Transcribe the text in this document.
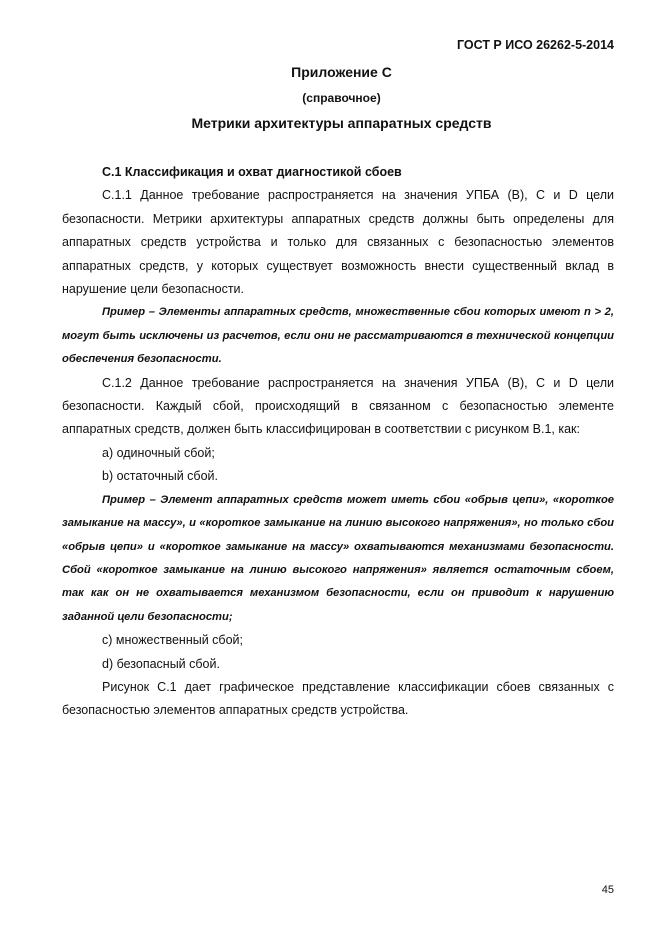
ГОСТ Р ИСО 26262-5-2014
Приложение С
(справочное)
Метрики архитектуры аппаратных средств
С.1 Классификация и охват диагностикой сбоев

С.1.1 Данное требование распространяется на значения УПБА (В), С и D цели безопасности. Метрики архитектуры аппаратных средств должны быть определены для аппаратных средств устройства и только для связанных с безопасностью элементов аппаратных средств, у которых существует возможность внести существенный вклад в нарушение цели безопасности.

Пример – Элементы аппаратных средств, множественные сбои которых имеют n > 2, могут быть исключены из расчетов, если они не рассматриваются в технической концепции обеспечения безопасности.

С.1.2 Данное требование распространяется на значения УПБА (В), С и D цели безопасности. Каждый сбой, происходящий в связанном с безопасностью элементе аппаратных средств, должен быть классифицирован в соответствии с рисунком В.1, как:

a) одиночный сбой;
b) остаточный сбой.

Пример – Элемент аппаратных средств может иметь сбои «обрыв цепи», «короткое замыкание на массу», и «короткое замыкание на линию высокого напряжения», но только сбои «обрыв цепи» и «короткое замыкание на массу» охватываются механизмами безопасности. Сбой «короткое замыкание на линию высокого напряжения» является остаточным сбоем, так как он не охватывается механизмом безопасности, если он приводит к нарушению заданной цели безопасности;

с) множественный сбой;
d) безопасный сбой.

Рисунок С.1 дает графическое представление классификации сбоев связанных с безопасностью элементов аппаратных средств устройства.

45
